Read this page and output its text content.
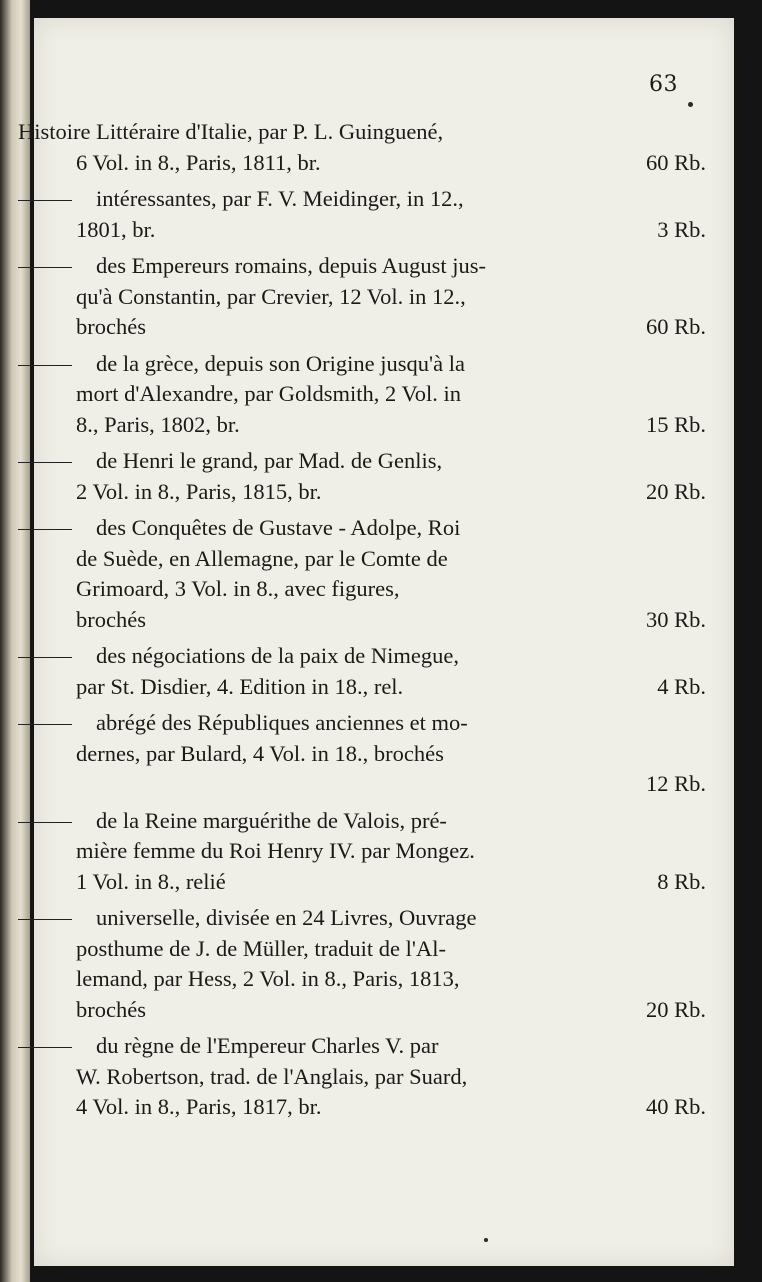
63

Histoire Littéraire d'Italie, par P. L. Guinguené,

6 Vol. in 8., Paris, 1811, br.	60 Rb.

intéressantes, par F. V. Meidinger, in 12.,

1801, br.	3 Rb.

des Empereurs romains, depuis August jus-

qu'à Constantin, par Crevier, 12 Vol. in 12.,

brochés	60 Rb.

de la grèce, depuis son Origine jusqu'à la

mort d'Alexandre, par Goldsmith, 2 Vol. in

8., Paris, 1802, br.	15 Rb.

de Henri le grand, par Mad. de Genlis,

2 Vol. in 8., Paris, 1815, br.	20 Rb.

des Conquêtes de Gustave - Adolpe, Roi

de Suède, en Allemagne, par le Comte de

Grimoard, 3 Vol. in 8., avec figures,

brochés	30 Rb.

des négociations de la paix de Nimegue,

par St. Disdier, 4. Edition in 18., rel.	4 Rb.

abrégé des Républiques anciennes et mo-

dernes, par Bulard, 4 Vol. in 18., brochés

12 Rb.

de la Reine marguérithe de Valois, pré-

mière femme du Roi Henry IV. par Mongez.

1 Vol. in 8., relié	8 Rb.

universelle, divisée en 24 Livres, Ouvrage

posthume de J. de Müller, traduit de l'Al-

lemand, par Hess, 2 Vol. in 8., Paris, 1813,

brochés	20 Rb.

du règne de l'Empereur Charles V. par

W. Robertson, trad. de l'Anglais, par Suard,

4 Vol. in 8., Paris, 1817, br.	40 Rb.
